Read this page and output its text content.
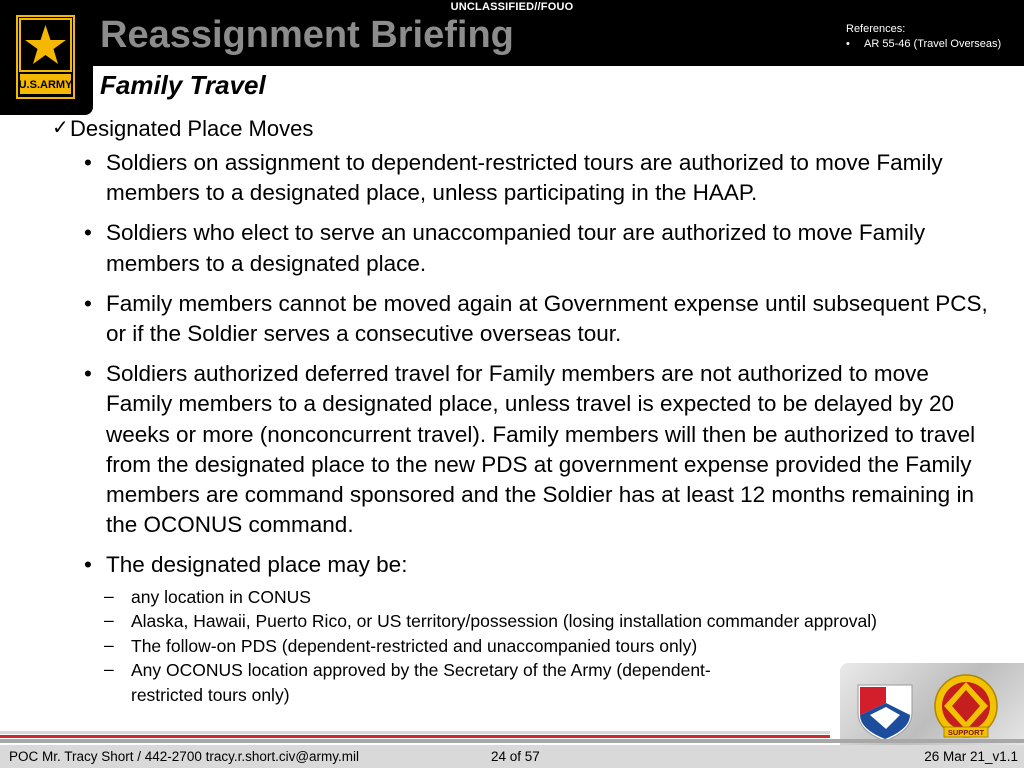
UNCLASSIFIED//FOUO
U.S.ARMY
Reassignment Briefing	References:
• AR 55-46 (Travel Overseas)
Family Travel
✓ Designated Place Moves
• Soldiers on assignment to dependent-restricted tours are authorized to move Family members to a designated place, unless participating in the HAAP.
• Soldiers who elect to serve an unaccompanied tour are authorized to move Family members to a designated place.
• Family members cannot be moved again at Government expense until subsequent PCS, or if the Soldier serves a consecutive overseas tour.
• Soldiers authorized deferred travel for Family members are not authorized to move Family members to a designated place, unless travel is expected to be delayed by 20 weeks or more (nonconcurrent travel). Family members will then be authorized to travel from the designated place to the new PDS at government expense provided the Family members are command sponsored and the Soldier has at least 12 months remaining in the OCONUS command.
• The designated place may be:
– any location in CONUS
– Alaska, Hawaii, Puerto Rico, or US territory/possession (losing installation commander approval)
– The follow-on PDS (dependent-restricted and unaccompanied tours only)
– Any OCONUS location approved by the Secretary of the Army (dependent-
restricted tours only)
SUPPORT
POC Mr. Tracy Short / 442-2700 tracy.r.short.civ@army.mil	24 of 57	26 Mar 21_v1.1
